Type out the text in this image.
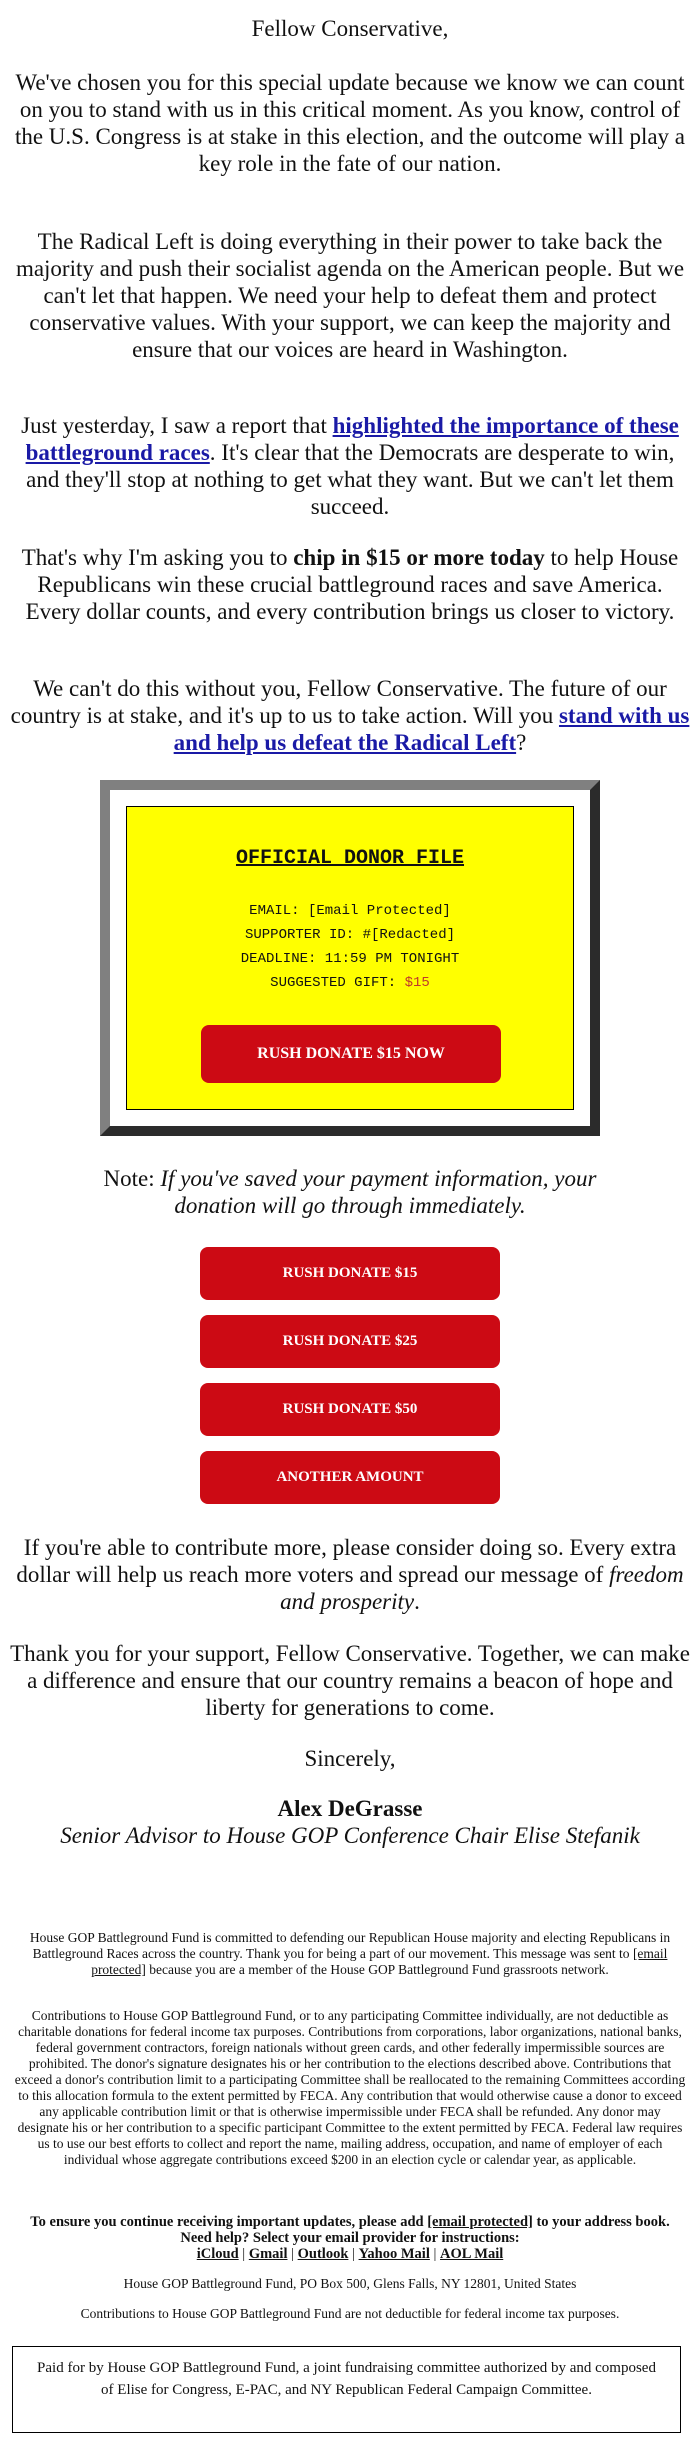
Fellow Conservative,
We've chosen you for this special update because we know we can count on you to stand with us in this critical moment. As you know, control of the U.S. Congress is at stake in this election, and the outcome will play a key role in the fate of our nation.
The Radical Left is doing everything in their power to take back the majority and push their socialist agenda on the American people. But we can't let that happen. We need your help to defeat them and protect conservative values. With your support, we can keep the majority and ensure that our voices are heard in Washington.
Just yesterday, I saw a report that highlighted the importance of these battleground races. It's clear that the Democrats are desperate to win, and they'll stop at nothing to get what they want. But we can't let them succeed.
That's why I'm asking you to chip in $15 or more today to help House Republicans win these crucial battleground races and save America. Every dollar counts, and every contribution brings us closer to victory.
We can't do this without you, Fellow Conservative. The future of our country is at stake, and it's up to us to take action. Will you stand with us and help us defeat the Radical Left?
OFFICIAL DONOR FILE
EMAIL: [Email Protected]
SUPPORTER ID: #[Redacted]
DEADLINE: 11:59 PM TONIGHT
SUGGESTED GIFT: $15
RUSH DONATE $15 NOW
Note: If you've saved your payment information, your donation will go through immediately.
RUSH DONATE $15
RUSH DONATE $25
RUSH DONATE $50
ANOTHER AMOUNT
If you're able to contribute more, please consider doing so. Every extra dollar will help us reach more voters and spread our message of freedom and prosperity.
Thank you for your support, Fellow Conservative. Together, we can make a difference and ensure that our country remains a beacon of hope and liberty for generations to come.
Sincerely,
Alex DeGrasse
Senior Advisor to House GOP Conference Chair Elise Stefanik
House GOP Battleground Fund is committed to defending our Republican House majority and electing Republicans in Battleground Races across the country. Thank you for being a part of our movement. This message was sent to [email protected] because you are a member of the House GOP Battleground Fund grassroots network.
Contributions to House GOP Battleground Fund, or to any participating Committee individually, are not deductible as charitable donations for federal income tax purposes. Contributions from corporations, labor organizations, national banks, federal government contractors, foreign nationals without green cards, and other federally impermissible sources are prohibited. The donor's signature designates his or her contribution to the elections described above. Contributions that exceed a donor's contribution limit to a participating Committee shall be reallocated to the remaining Committees according to this allocation formula to the extent permitted by FECA. Any contribution that would otherwise cause a donor to exceed any applicable contribution limit or that is otherwise impermissible under FECA shall be refunded. Any donor may designate his or her contribution to a specific participant Committee to the extent permitted by FECA. Federal law requires us to use our best efforts to collect and report the name, mailing address, occupation, and name of employer of each individual whose aggregate contributions exceed $200 in an election cycle or calendar year, as applicable.
To ensure you continue receiving important updates, please add [email protected] to your address book. Need help? Select your email provider for instructions:
iCloud | Gmail | Outlook | Yahoo Mail | AOL Mail
House GOP Battleground Fund, PO Box 500, Glens Falls, NY 12801, United States
Contributions to House GOP Battleground Fund are not deductible for federal income tax purposes.
Paid for by House GOP Battleground Fund, a joint fundraising committee authorized by and composed of Elise for Congress, E-PAC, and NY Republican Federal Campaign Committee.
